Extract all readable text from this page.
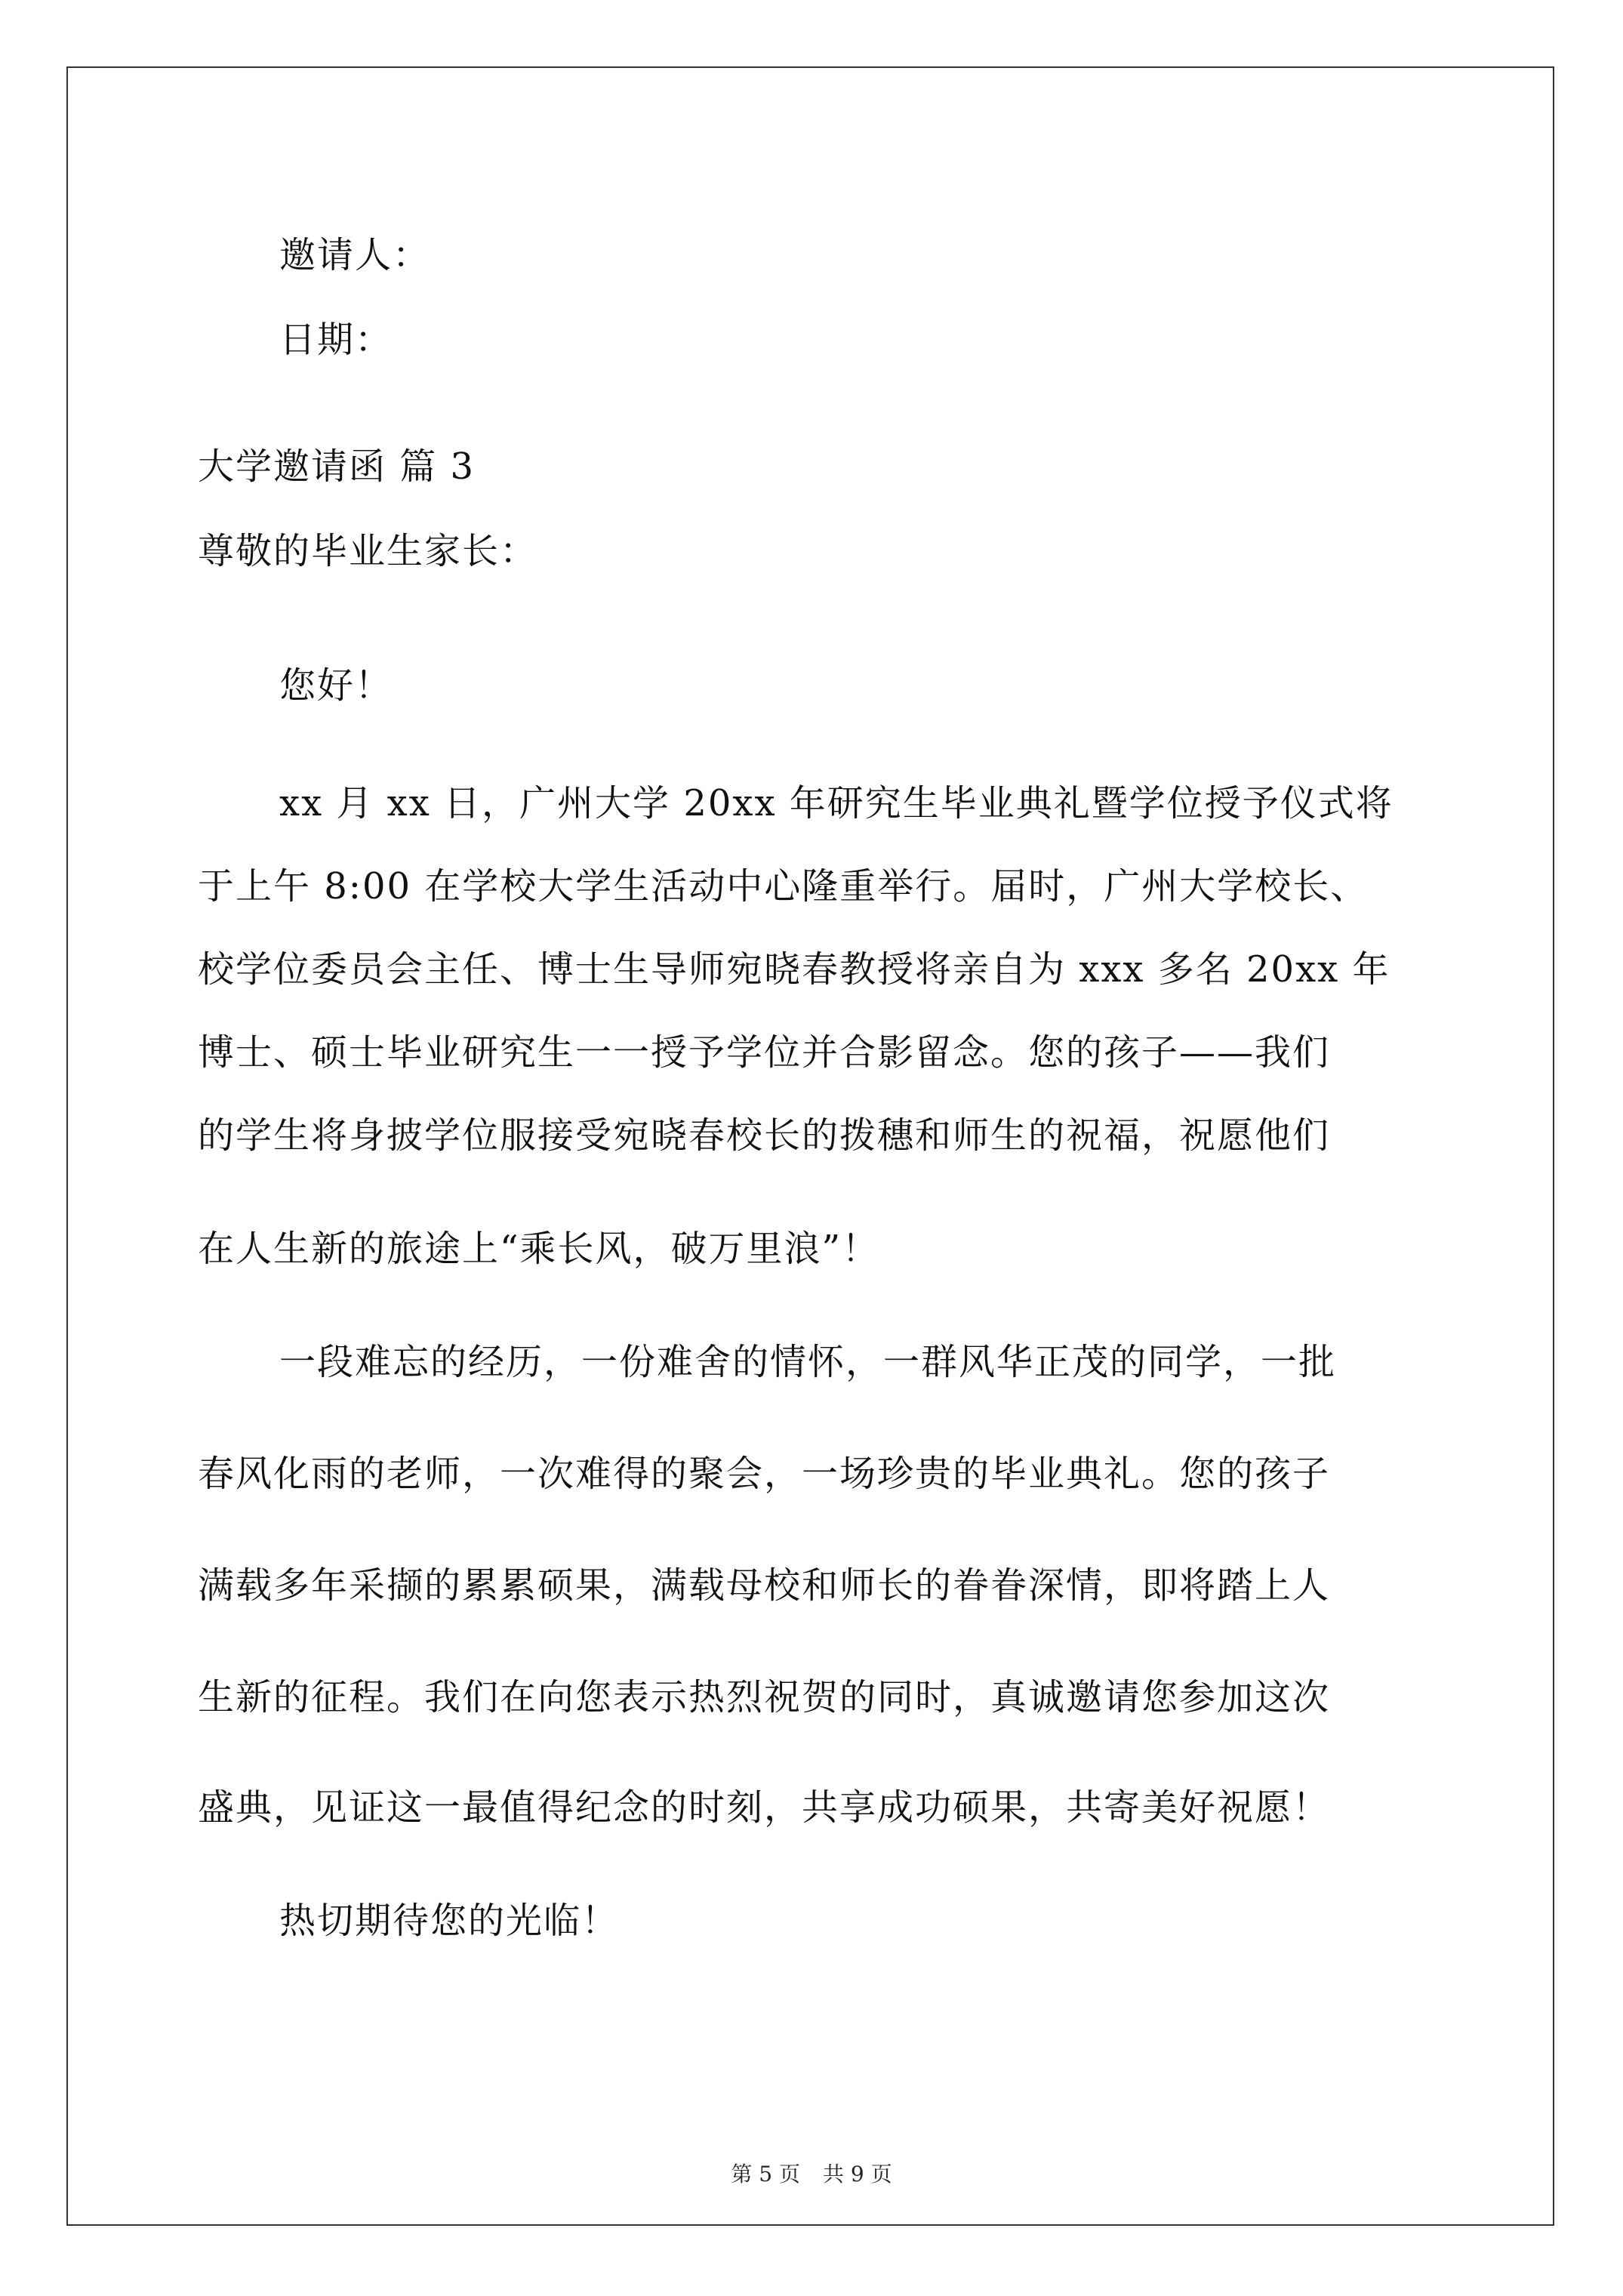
邀请人：
日期：
大学邀请函 篇 3
尊敬的毕业生家长：
您好！
xx 月 xx 日，广州大学 20xx 年研究生毕业典礼暨学位授予仪式将
于上午 8:00 在学校大学生活动中心隆重举行。届时，广州大学校长、
校学位委员会主任、博士生导师宛晓春教授将亲自为 xxx 多名 20xx 年
博士、硕士毕业研究生一一授予学位并合影留念。您的孩子——我们
的学生将身披学位服接受宛晓春校长的拨穗和师生的祝福，祝愿他们
在人生新的旅途上“乘长风，破万里浪”！
一段难忘的经历，一份难舍的情怀，一群风华正茂的同学，一批
春风化雨的老师，一次难得的聚会，一场珍贵的毕业典礼。您的孩子
满载多年采撷的累累硕果，满载母校和师长的眷眷深情，即将踏上人
生新的征程。我们在向您表示热烈祝贺的同时，真诚邀请您参加这次
盛典，见证这一最值得纪念的时刻，共享成功硕果，共寄美好祝愿！
热切期待您的光临！
第 5 页 共 9 页
